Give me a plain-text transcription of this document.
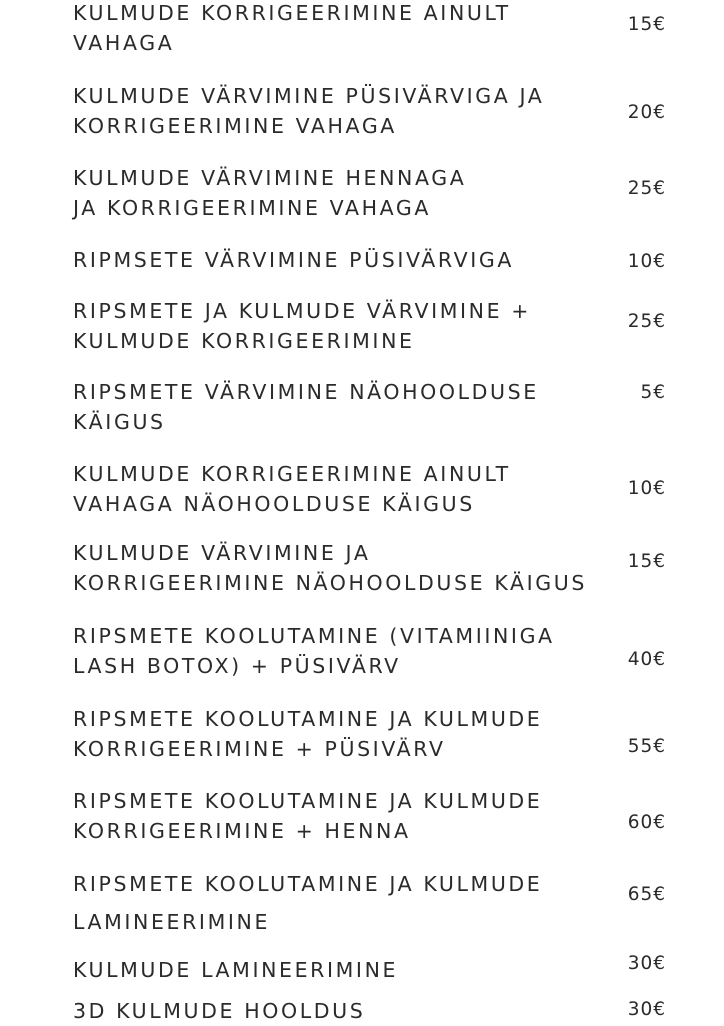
KULMUDE KORRIGEERIMINE AINULT
VAHAGA
15€
KULMUDE VÄRVIMINE PÜSIVÄRVIGA JA
KORRIGEERIMINE VAHAGA
20€
KULMUDE VÄRVIMINE HENNAGA
JA KORRIGEERIMINE VAHAGA
25€
RIPMSETE VÄRVIMINE PÜSIVÄRVIGA	10€
RIPSMETE JA KULMUDE VÄRVIMINE +
KULMUDE KORRIGEERIMINE
25€
RIPSMETE VÄRVIMINE NÄOHOOLDUSE
KÄIGUS
5€
KULMUDE KORRIGEERIMINE AINULT
VAHAGA NÄOHOOLDUSE KÄIGUS
10€
KULMUDE VÄRVIMINE JA
KORRIGEERIMINE NÄOHOOLDUSE KÄIGUS
15€
RIPSMETE KOOLUTAMINE (VITAMIINIGA
LASH BOTOX) + PÜSIVÄRV	40€
RIPSMETE KOOLUTAMINE JA KULMUDE
KORRIGEERIMINE + PÜSIVÄRV	55€
RIPSMETE KOOLUTAMINE JA KULMUDE
KORRIGEERIMINE + HENNA	60€
RIPSMETE KOOLUTAMINE JA KULMUDE
LAMINEERIMINE
65€
KULMUDE LAMINEERIMINE	30€
3D KULMUDE HOOLDUS	30€
